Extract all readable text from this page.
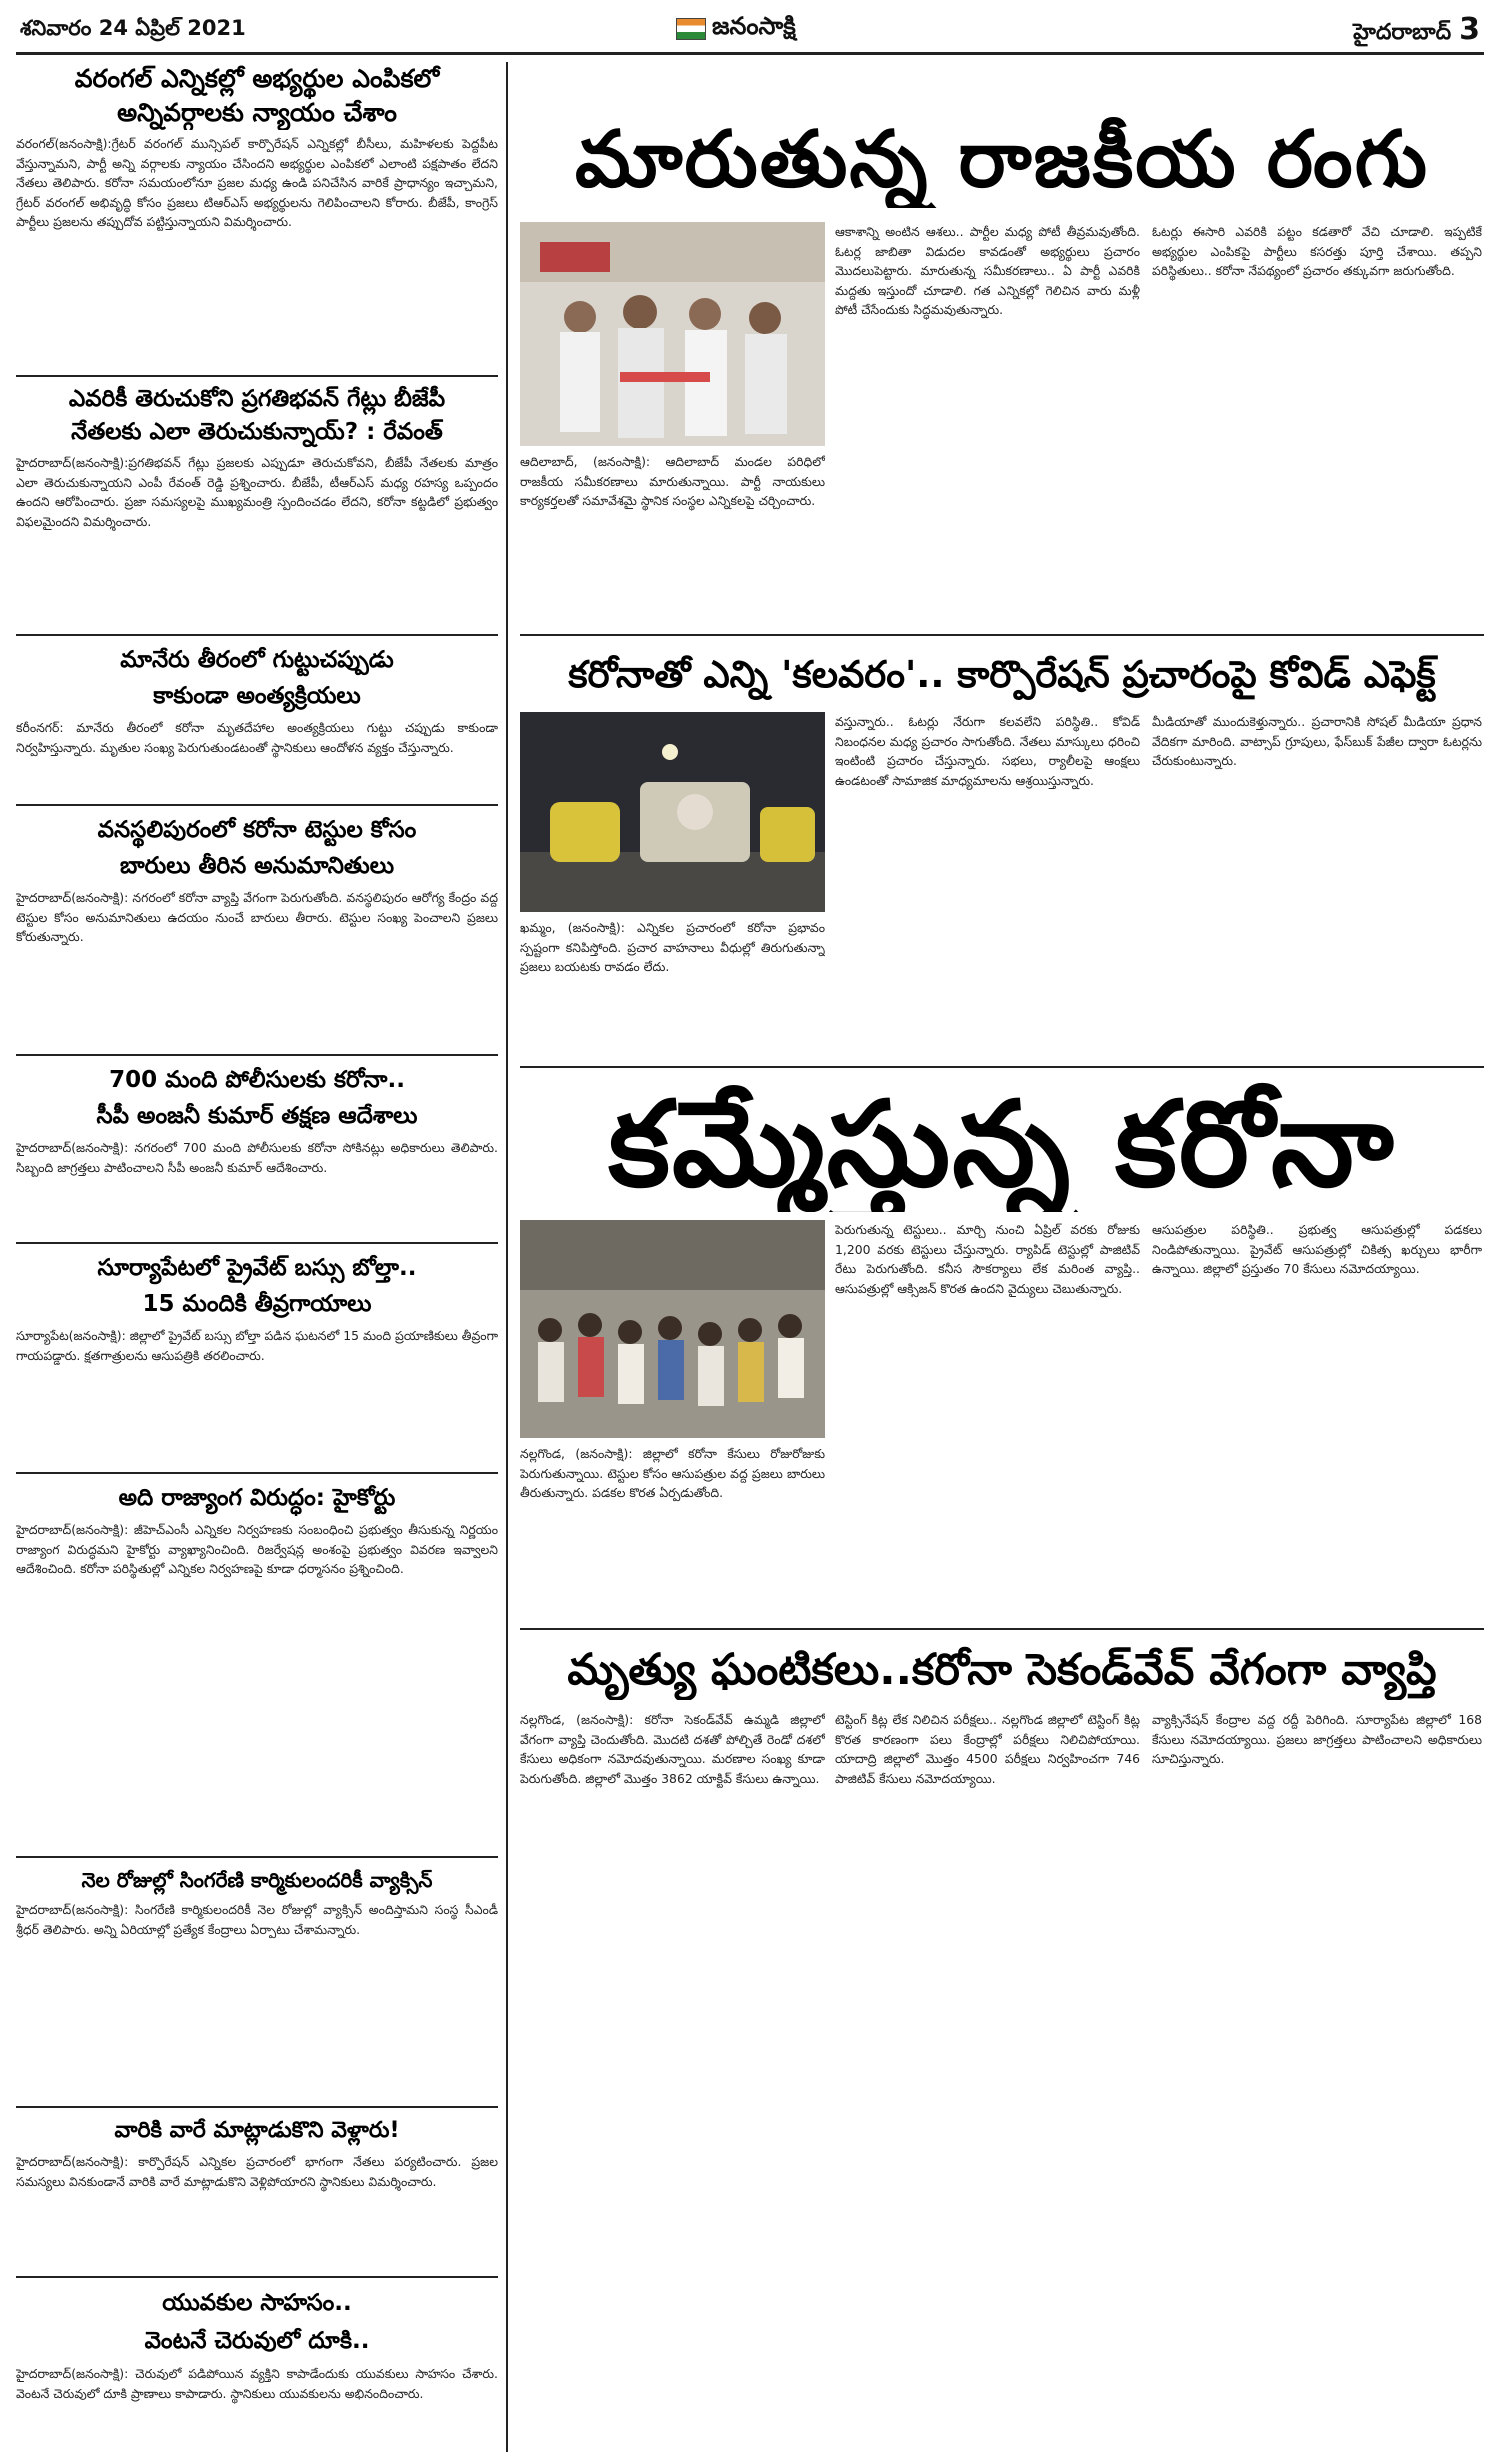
శనివారం 24 ఏప్రిల్ 2021	జనంసాక్షి	హైదరాబాద్ 3
వరంగల్ ఎన్నికల్లో అభ్యర్థుల ఎంపికలో
అన్నివర్గాలకు న్యాయం చేశాం
వరంగల్(జనంసాక్షి):గ్రేటర్ వరంగల్ మున్సిపల్ కార్పొరేషన్ ఎన్నికల్లో బీసీలు, మహిళలకు పెద్దపీట వేస్తున్నామని, పార్టీ అన్ని వర్గాలకు న్యాయం చేసిందని అభ్యర్థుల ఎంపికలో ఎలాంటి పక్షపాతం లేదని నేతలు తెలిపారు. కరోనా సమయంలోనూ ప్రజల మధ్య ఉండి పనిచేసిన వారికే ప్రాధాన్యం ఇచ్చామని, గ్రేటర్ వరంగల్ అభివృద్ధి కోసం ప్రజలు టిఆర్ఎస్ అభ్యర్థులను గెలిపించాలని కోరారు. బీజేపీ, కాంగ్రెస్ పార్టీలు ప్రజలను తప్పుదోవ పట్టిస్తున్నాయని విమర్శించారు.
ఎవరికీ తెరుచుకోని ప్రగతిభవన్ గేట్లు బీజేపీ
నేతలకు ఎలా తెరుచుకున్నాయ్‌? : రేవంత్
హైదరాబాద్(జనంసాక్షి):ప్రగతిభవన్ గేట్లు ప్రజలకు ఎప్పుడూ తెరుచుకోవని, బీజేపీ నేతలకు మాత్రం ఎలా తెరుచుకున్నాయని ఎంపీ రేవంత్ రెడ్డి ప్రశ్నించారు. బీజేపీ, టీఆర్ఎస్ మధ్య రహస్య ఒప్పందం ఉందని ఆరోపించారు. ప్రజా సమస్యలపై ముఖ్యమంత్రి స్పందించడం లేదని, కరోనా కట్టడిలో ప్రభుత్వం విఫలమైందని విమర్శించారు.
మానేరు తీరంలో గుట్టుచప్పుడు
కాకుండా అంత్యక్రియలు
కరీంనగర్: మానేరు తీరంలో కరోనా మృతదేహాల అంత్యక్రియలు గుట్టు చప్పుడు కాకుండా నిర్వహిస్తున్నారు. మృతుల సంఖ్య పెరుగుతుండటంతో స్థానికులు ఆందోళన వ్యక్తం చేస్తున్నారు.
వనస్థలిపురంలో కరోనా టెస్టుల కోసం
బారులు తీరిన అనుమానితులు
హైదరాబాద్(జనంసాక్షి): నగరంలో కరోనా వ్యాప్తి వేగంగా పెరుగుతోంది. వనస్థలిపురం ఆరోగ్య కేంద్రం వద్ద టెస్టుల కోసం అనుమానితులు ఉదయం నుంచే బారులు తీరారు. టెస్టుల సంఖ్య పెంచాలని ప్రజలు కోరుతున్నారు.
700 మంది పోలీసులకు కరోనా..
సీపీ అంజనీ కుమార్ తక్షణ ఆదేశాలు
హైదరాబాద్(జనంసాక్షి): నగరంలో 700 మంది పోలీసులకు కరోనా సోకినట్లు అధికారులు తెలిపారు. సిబ్బంది జాగ్రత్తలు పాటించాలని సీపీ అంజనీ కుమార్ ఆదేశించారు.
సూర్యాపేటలో ప్రైవేట్ బస్సు బోల్తా..
15 మందికి తీవ్రగాయాలు
సూర్యాపేట(జనంసాక్షి): జిల్లాలో ప్రైవేట్ బస్సు బోల్తా పడిన ఘటనలో 15 మంది ప్రయాణికులు తీవ్రంగా గాయపడ్డారు. క్షతగాత్రులను ఆసుపత్రికి తరలించారు.
అది రాజ్యాంగ విరుద్ధం: హైకోర్టు
హైదరాబాద్(జనంసాక్షి): జీహెచ్ఎంసీ ఎన్నికల నిర్వహణకు సంబంధించి ప్రభుత్వం తీసుకున్న నిర్ణయం రాజ్యాంగ విరుద్ధమని హైకోర్టు వ్యాఖ్యానించింది. రిజర్వేషన్ల అంశంపై ప్రభుత్వం వివరణ ఇవ్వాలని ఆదేశించింది. కరోనా పరిస్థితుల్లో ఎన్నికల నిర్వహణపై కూడా ధర్మాసనం ప్రశ్నించింది.
నెల రోజుల్లో సింగరేణి కార్మికులందరికీ వ్యాక్సిన్
హైదరాబాద్(జనంసాక్షి): సింగరేణి కార్మికులందరికీ నెల రోజుల్లో వ్యాక్సిన్ అందిస్తామని సంస్థ సీఎండీ శ్రీధర్ తెలిపారు. అన్ని ఏరియాల్లో ప్రత్యేక కేంద్రాలు ఏర్పాటు చేశామన్నారు.
వారికి వారే మాట్లాడుకొని వెళ్లారు!
హైదరాబాద్(జనంసాక్షి): కార్పొరేషన్ ఎన్నికల ప్రచారంలో భాగంగా నేతలు పర్యటించారు. ప్రజల సమస్యలు వినకుండానే వారికి వారే మాట్లాడుకొని వెళ్లిపోయారని స్థానికులు విమర్శించారు.
యువకుల సాహసం..
వెంటనే చెరువులో దూకి..
హైదరాబాద్(జనంసాక్షి): చెరువులో పడిపోయిన వ్యక్తిని కాపాడేందుకు యువకులు సాహసం చేశారు. వెంటనే చెరువులో దూకి ప్రాణాలు కాపాడారు. స్థానికులు యువకులను అభినందించారు.
మారుతున్న రాజకీయ రంగు
ఆదిలాబాద్, (జనంసాక్షి): ఆదిలాబాద్ మండల పరిధిలో రాజకీయ సమీకరణాలు మారుతున్నాయి. పార్టీ నాయకులు కార్యకర్తలతో సమావేశమై స్థానిక సంస్థల ఎన్నికలపై చర్చించారు.
ఆకాశాన్ని అంటిన ఆశలు.. పార్టీల మధ్య పోటీ తీవ్రమవుతోంది. ఓటర్ల జాబితా విడుదల కావడంతో అభ్యర్థులు ప్రచారం మొదలుపెట్టారు. మారుతున్న సమీకరణాలు.. ఏ పార్టీ ఎవరికి మద్దతు ఇస్తుందో చూడాలి. గత ఎన్నికల్లో గెలిచిన వారు మళ్లీ పోటీ చేసేందుకు సిద్ధమవుతున్నారు.
ఓటర్లు ఈసారి ఎవరికి పట్టం కడతారో వేచి చూడాలి. ఇప్పటికే అభ్యర్థుల ఎంపికపై పార్టీలు కసరత్తు పూర్తి చేశాయి. తప్పని పరిస్థితులు.. కరోనా నేపథ్యంలో ప్రచారం తక్కువగా జరుగుతోంది.
కరోనాతో ఎన్ని 'కలవరం'.. కార్పొరేషన్ ప్రచారంపై కోవిడ్ ఎఫెక్ట్
ఖమ్మం, (జనంసాక్షి): ఎన్నికల ప్రచారంలో కరోనా ప్రభావం స్పష్టంగా కనిపిస్తోంది. ప్రచార వాహనాలు వీధుల్లో తిరుగుతున్నా ప్రజలు బయటకు రావడం లేదు.
వస్తున్నారు.. ఓటర్లు నేరుగా కలవలేని పరిస్థితి.. కోవిడ్ నిబంధనల మధ్య ప్రచారం సాగుతోంది. నేతలు మాస్కులు ధరించి ఇంటింటి ప్రచారం చేస్తున్నారు. సభలు, ర్యాలీలపై ఆంక్షలు ఉండటంతో సామాజిక మాధ్యమాలను ఆశ్రయిస్తున్నారు.
మీడియాతో ముందుకెళ్తున్నారు.. ప్రచారానికి సోషల్ మీడియా ప్రధాన వేదికగా మారింది. వాట్సాప్ గ్రూపులు, ఫేస్‌బుక్ పేజీల ద్వారా ఓటర్లను చేరుకుంటున్నారు.
కమ్మేస్తున్న కరోనా
నల్లగొండ, (జనంసాక్షి): జిల్లాలో కరోనా కేసులు రోజురోజుకు పెరుగుతున్నాయి. టెస్టుల కోసం ఆసుపత్రుల వద్ద ప్రజలు బారులు తీరుతున్నారు. పడకల కొరత ఏర్పడుతోంది.
పెరుగుతున్న టెస్టులు.. మార్చి నుంచి ఏప్రిల్ వరకు రోజుకు 1,200 వరకు టెస్టులు చేస్తున్నారు. ర్యాపిడ్ టెస్టుల్లో పాజిటివ్ రేటు పెరుగుతోంది. కనీస సౌకర్యాలు లేక మరింత వ్యాప్తి.. ఆసుపత్రుల్లో ఆక్సిజన్ కొరత ఉందని వైద్యులు చెబుతున్నారు.
ఆసుపత్రుల పరిస్థితి.. ప్రభుత్వ ఆసుపత్రుల్లో పడకలు నిండిపోతున్నాయి. ప్రైవేట్ ఆసుపత్రుల్లో చికిత్స ఖర్చులు భారీగా ఉన్నాయి. జిల్లాలో ప్రస్తుతం 70 కేసులు నమోదయ్యాయి.
మృత్యు ఘంటికలు..కరోనా సెకండ్‌వేవ్ వేగంగా వ్యాప్తి
నల్లగొండ, (జనంసాక్షి): కరోనా సెకండ్‌వేవ్ ఉమ్మడి జిల్లాలో వేగంగా వ్యాప్తి చెందుతోంది. మొదటి దశతో పోల్చితే రెండో దశలో కేసులు అధికంగా నమోదవుతున్నాయి. మరణాల సంఖ్య కూడా పెరుగుతోంది. జిల్లాలో మొత్తం 3862 యాక్టివ్ కేసులు ఉన్నాయి.
టెస్టింగ్ కిట్ల లేక నిలిచిన పరీక్షలు.. నల్లగొండ జిల్లాలో టెస్టింగ్ కిట్ల కొరత కారణంగా పలు కేంద్రాల్లో పరీక్షలు నిలిచిపోయాయి. యాదాద్రి జిల్లాలో మొత్తం 4500 పరీక్షలు నిర్వహించగా 746 పాజిటివ్ కేసులు నమోదయ్యాయి.
వ్యాక్సినేషన్ కేంద్రాల వద్ద రద్దీ పెరిగింది. సూర్యాపేట జిల్లాలో 168 కేసులు నమోదయ్యాయి. ప్రజలు జాగ్రత్తలు పాటించాలని అధికారులు సూచిస్తున్నారు.
